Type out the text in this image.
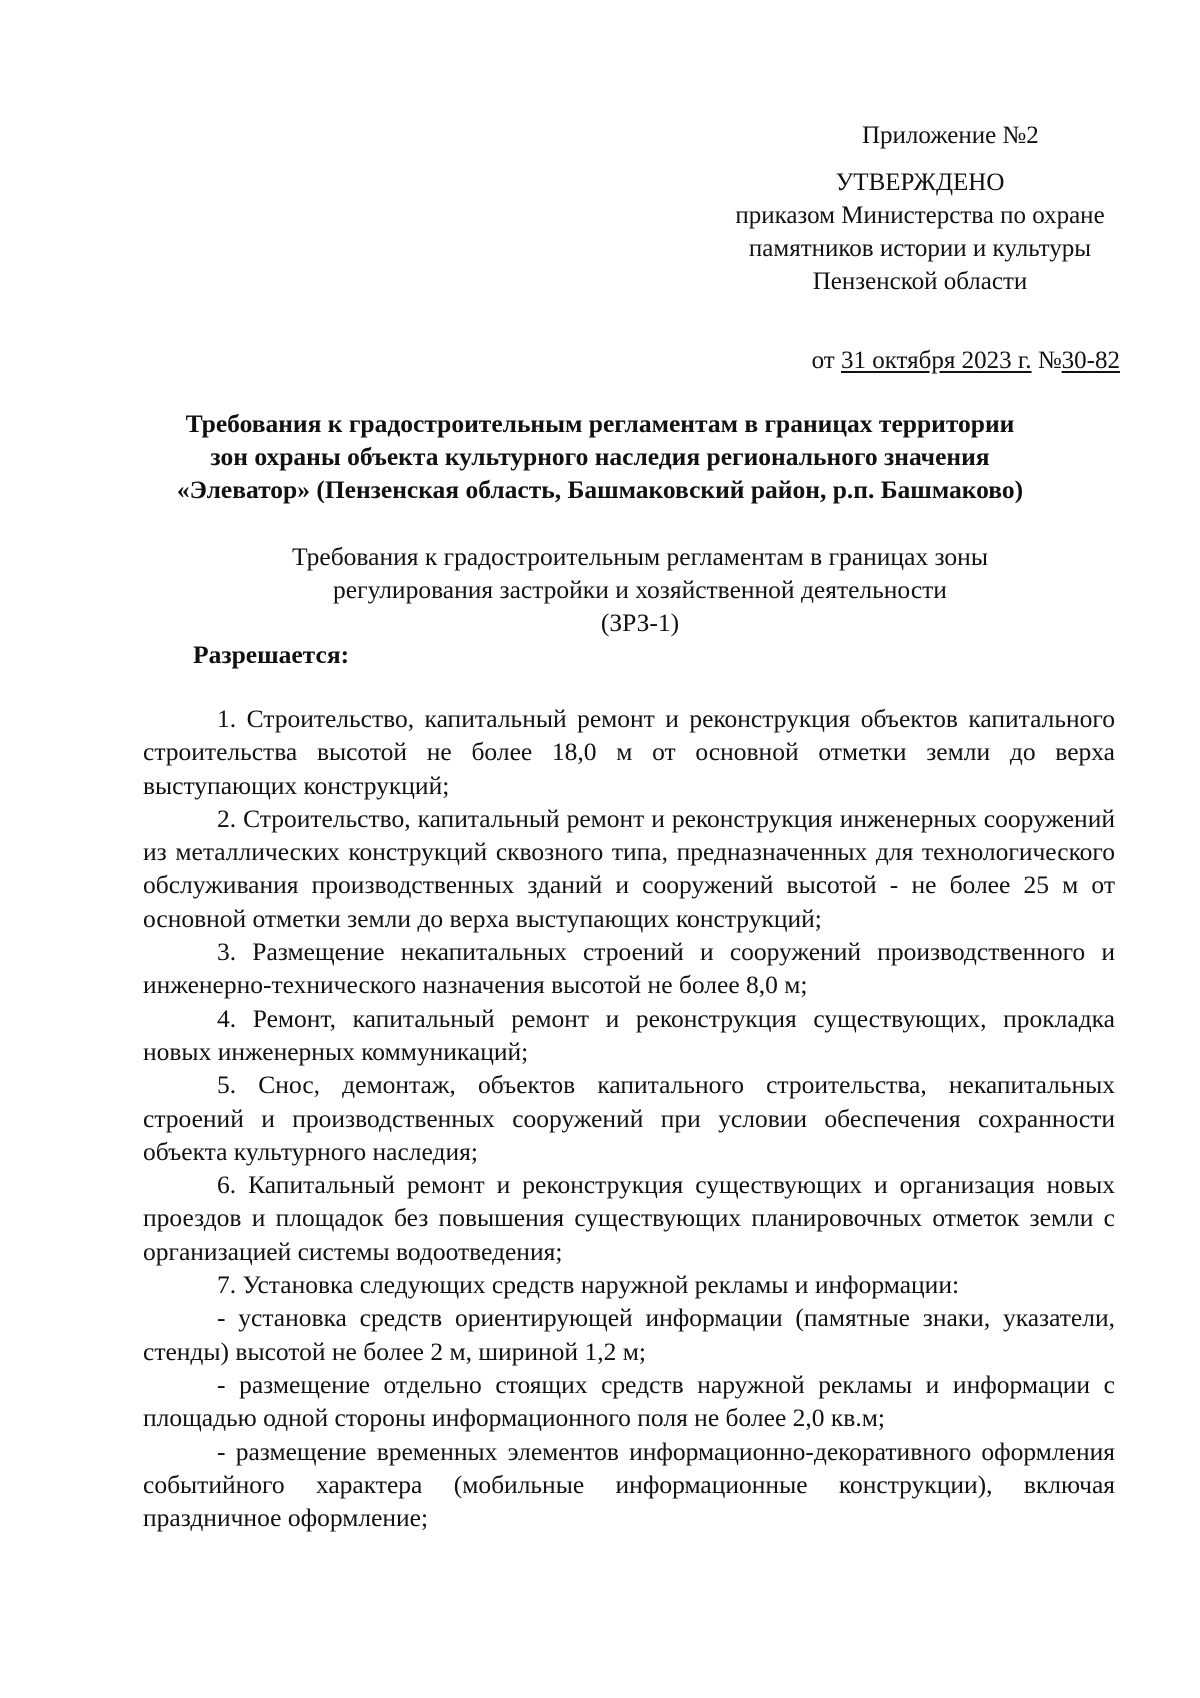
Приложение №2
УТВЕРЖДЕНО
приказом Министерства по охране
памятников истории и культуры
Пензенской области
от 31 октября 2023 г. №30-82
Требования к градостроительным регламентам в границах территории
зон охраны объекта культурного наследия регионального значения
«Элеватор» (Пензенская область, Башмаковский район, р.п. Башмаково)
Требования к градостроительным регламентам в границах зоны
регулирования застройки и хозяйственной деятельности
(ЗРЗ-1)
Разрешается:

1. Строительство, капитальный ремонт и реконструкция объектов капитального строительства высотой не более 18,0 м от основной отметки земли до верха выступающих конструкций;

2. Строительство, капитальный ремонт и реконструкция инженерных сооружений из металлических конструкций сквозного типа, предназначенных для технологического обслуживания производственных зданий и сооружений высотой - не более 25 м от основной отметки земли до верха выступающих конструкций;

3. Размещение некапитальных строений и сооружений производственного и инженерно-технического назначения высотой не более 8,0 м;

4. Ремонт, капитальный ремонт и реконструкция существующих, прокладка новых инженерных коммуникаций;

5. Снос, демонтаж, объектов капитального строительства, некапитальных строений и производственных сооружений при условии обеспечения сохранности объекта культурного наследия;

6. Капитальный ремонт и реконструкция существующих и организация новых проездов и площадок без повышения существующих планировочных отметок земли с организацией системы водоотведения;

7. Установка следующих средств наружной рекламы и информации:

- установка средств ориентирующей информации (памятные знаки, указатели, стенды) высотой не более 2 м, шириной 1,2 м;

- размещение отдельно стоящих средств наружной рекламы и информации с площадью одной стороны информационного поля не более 2,0 кв.м;

- размещение временных элементов информационно-декоративного оформления событийного характера (мобильные информационные конструкции), включая праздничное оформление;
